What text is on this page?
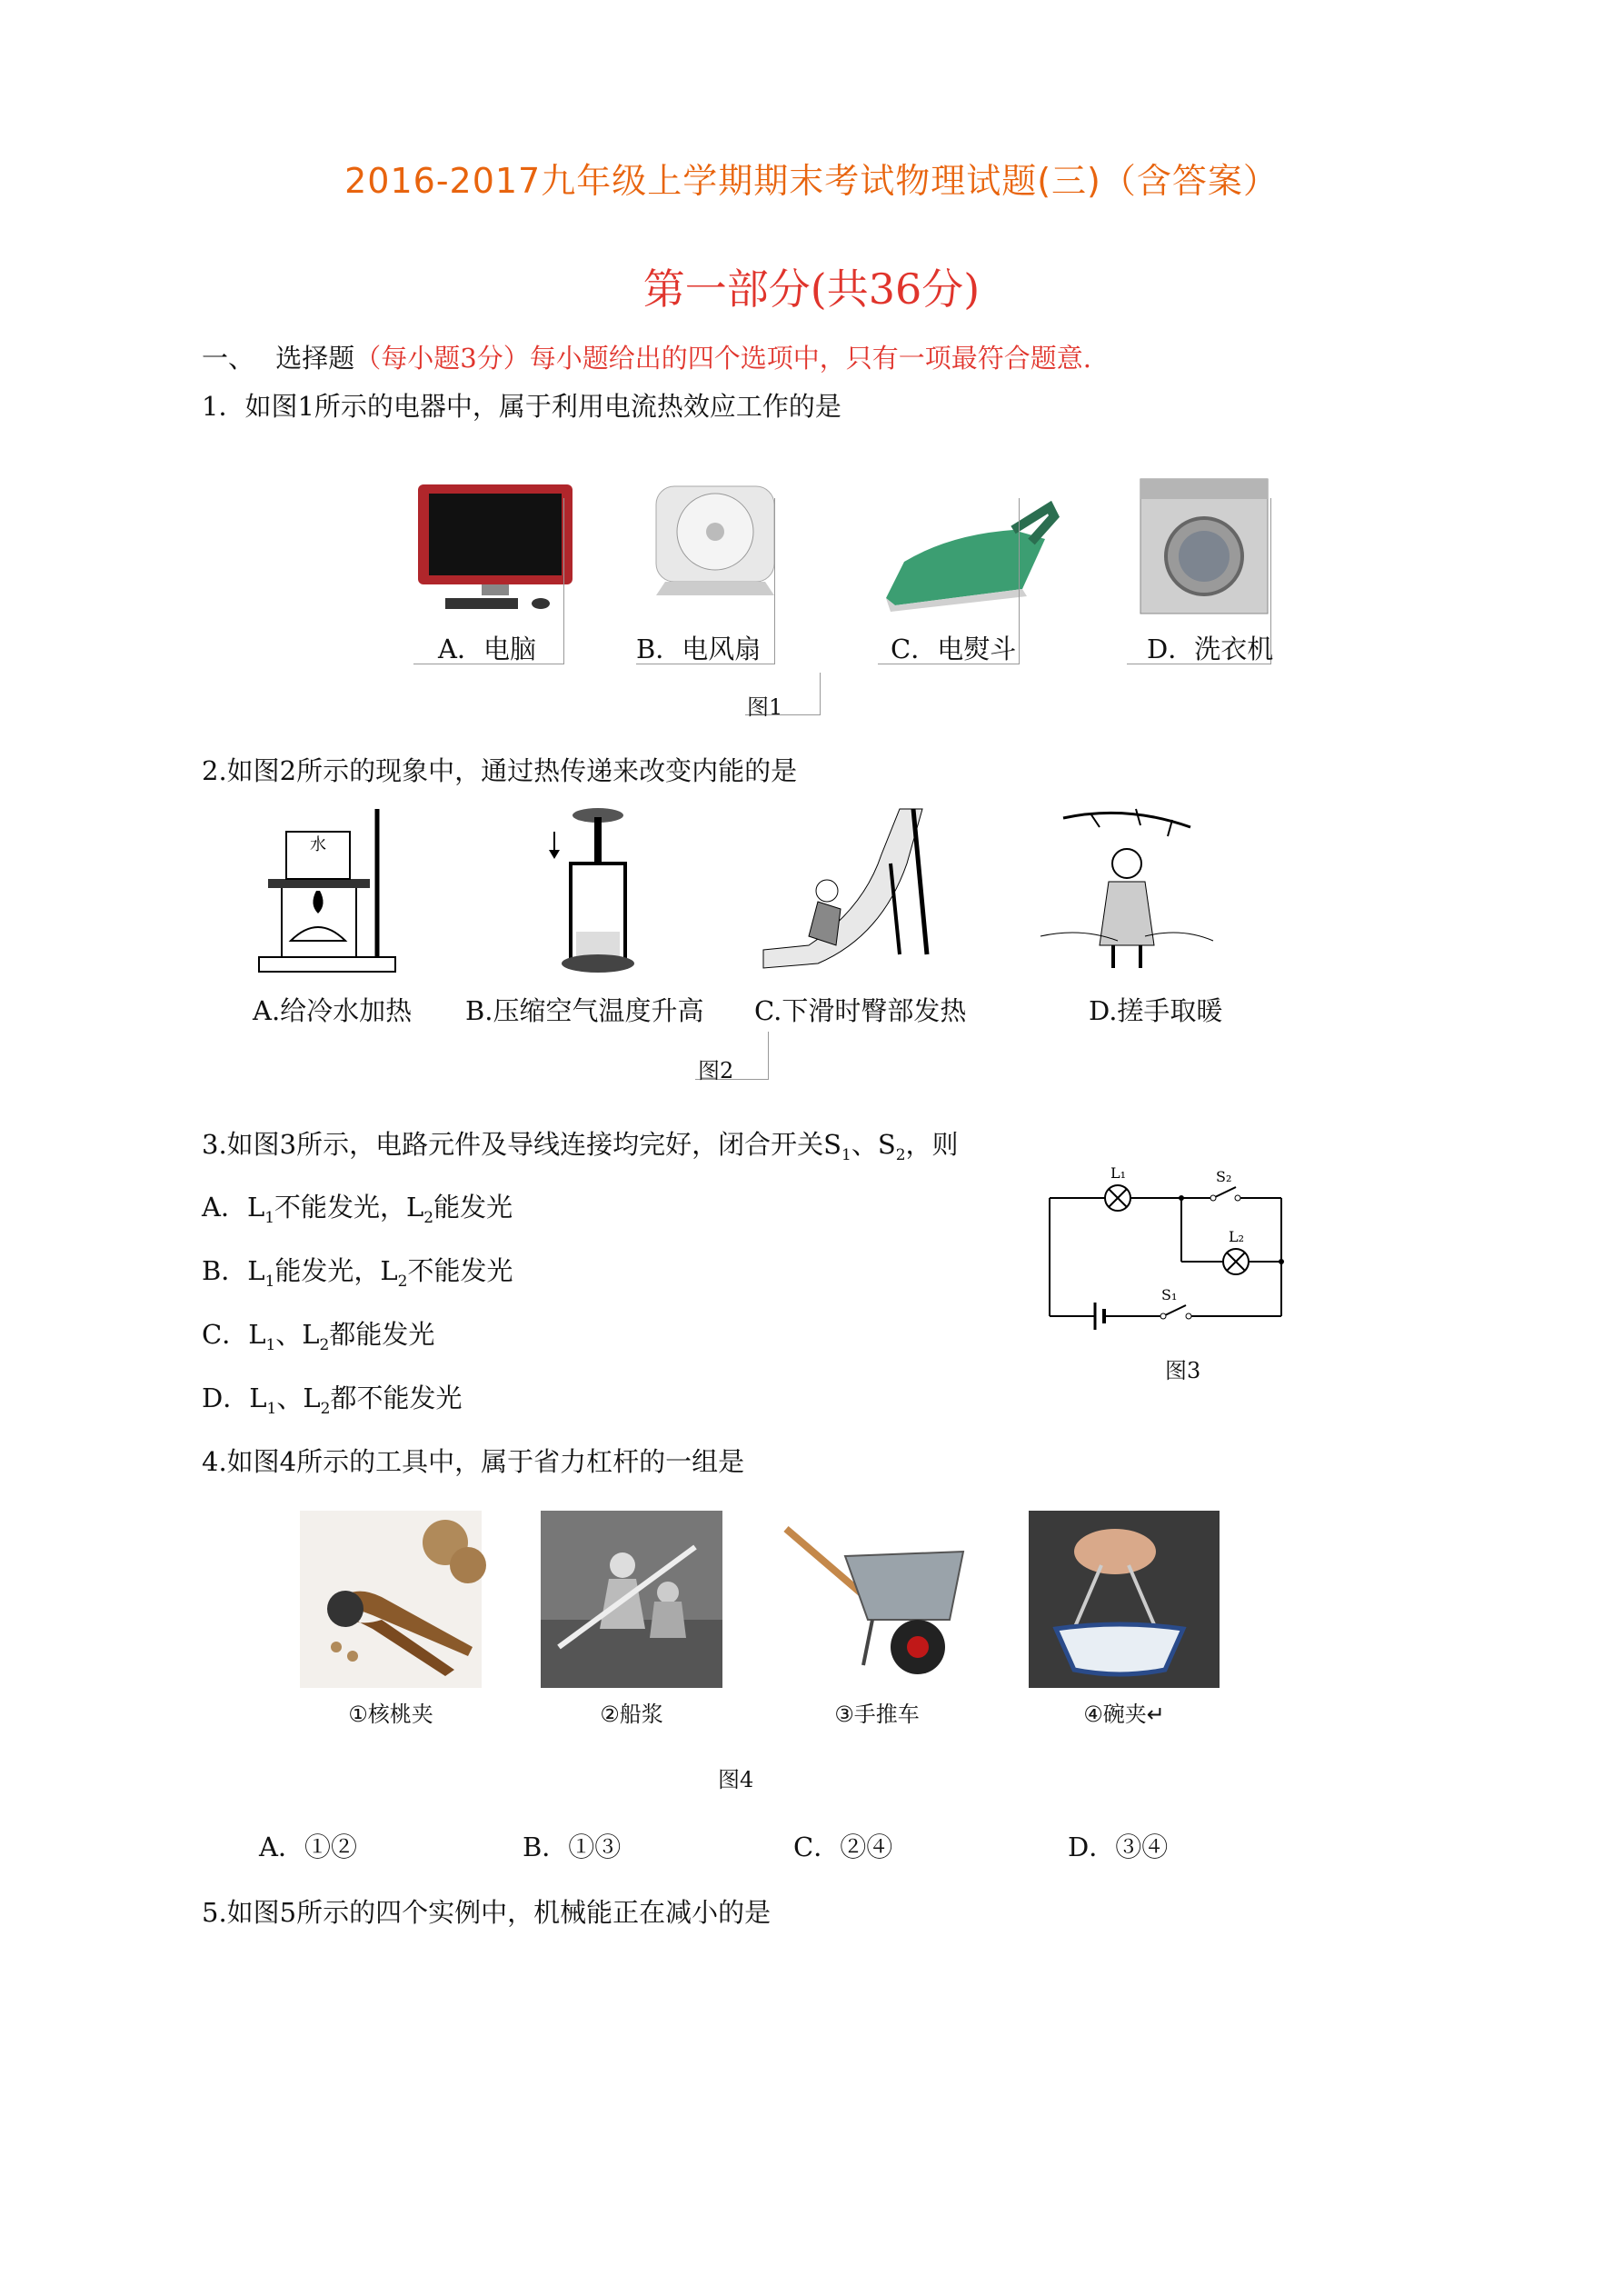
2016-2017九年级上学期期末考试物理试题(三)（含答案）
第一部分(共36分)
一、 选择题（每小题3分）每小题给出的四个选项中，只有一项最符合题意.
1．如图1所示的电器中，属于利用电流热效应工作的是
A．电脑	B．电风扇	C．电熨斗	D．洗衣机
图1
2.如图2所示的现象中，通过热传递来改变内能的是
水
A.给冷水加热 B.压缩空气温度升高 C.下滑时臀部发热	D.搓手取暖
图2
3.如图3所示，电路元件及导线连接均完好，闭合开关$S_1$、$S_2$，则
A．$L_1$不能发光，$L_2$能发光
B．$L_1$能发光，$L_2$不能发光
C．$L_1$、$L_2$都能发光
D．$L_1$、$L_2$都不能发光
L₁	S₂
L₂
S₁
图3
4.如图4所示的工具中，属于省力杠杆的一组是
①核桃夹	②船浆	③手推车	④碗夹↵
图4
A．①②	B．①③	C．②④	D．③④
5.如图5所示的四个实例中，机械能正在减小的是
